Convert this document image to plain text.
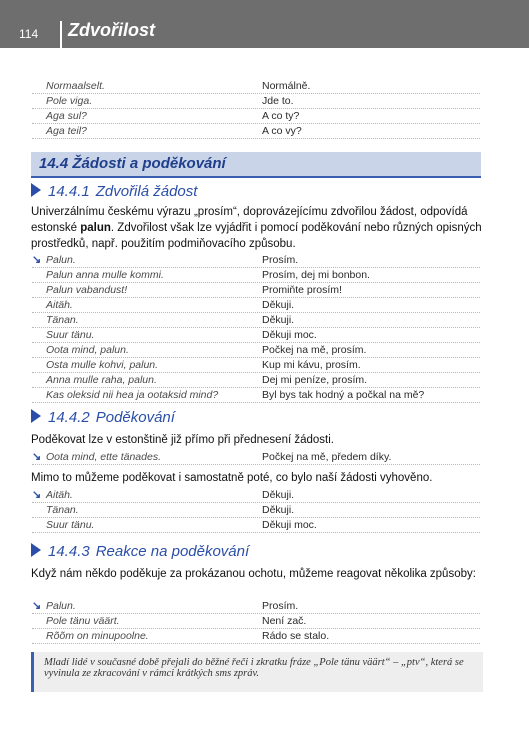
114 Zdvořilost
Normaalselt.	Normálně.
Pole viga.	Jde to.
Aga sul?	A co ty?
Aga teil?	A co vy?
14.4 Žádosti a poděkování
14.4.1 Zdvořilá žádost
Univerzálnímu českému výrazu „prosím“, doprovázejícímu zdvořilou žádost, odpovídá estonské palun. Zdvořilost však lze vyjádřit i pomocí poděkování nebo různých opisných prostředků, např. použitím podmiňovacího způsobu.
↘ Palun.	Prosím.
Palun anna mulle kommi.	Prosím, dej mi bonbon.
Palun vabandust!	Promiňte prosím!
Aitäh.	Děkuji.
Tänan.	Děkuji.
Suur tänu.	Děkuji moc.
Oota mind, palun.	Počkej na mě, prosím.
Osta mulle kohvi, palun.	Kup mi kávu, prosím.
Anna mulle raha, palun.	Dej mi peníze, prosím.
Kas oleksid nii hea ja ootaksid mind?	Byl bys tak hodný a počkal na mě?
14.4.2 Poděkování
Poděkovat lze v estonštině již přímo při přednesení žádosti.
↘ Oota mind, ette tänades.	Počkej na mě, předem díky.
Mimo to můžeme poděkovat i samostatně poté, co bylo naší žádosti vyhověno.
↘ Aitäh.	Děkuji.
Tänan.	Děkuji.
Suur tänu.	Děkuji moc.
14.4.3 Reakce na poděkování
Když nám někdo poděkuje za prokázanou ochotu, můžeme reagovat několika způsoby:
↘ Palun.	Prosím.
Pole tänu väärt.	Není zač.
Rõõm on minupoolne.	Rádo se stalo.
Mladí lidé v současné době přejali do běžné řeči i zkratku fráze „Pole tänu väärt“ – „ptv“, která se vyvinula ze zkracování v rámci krátkých sms zpráv.
